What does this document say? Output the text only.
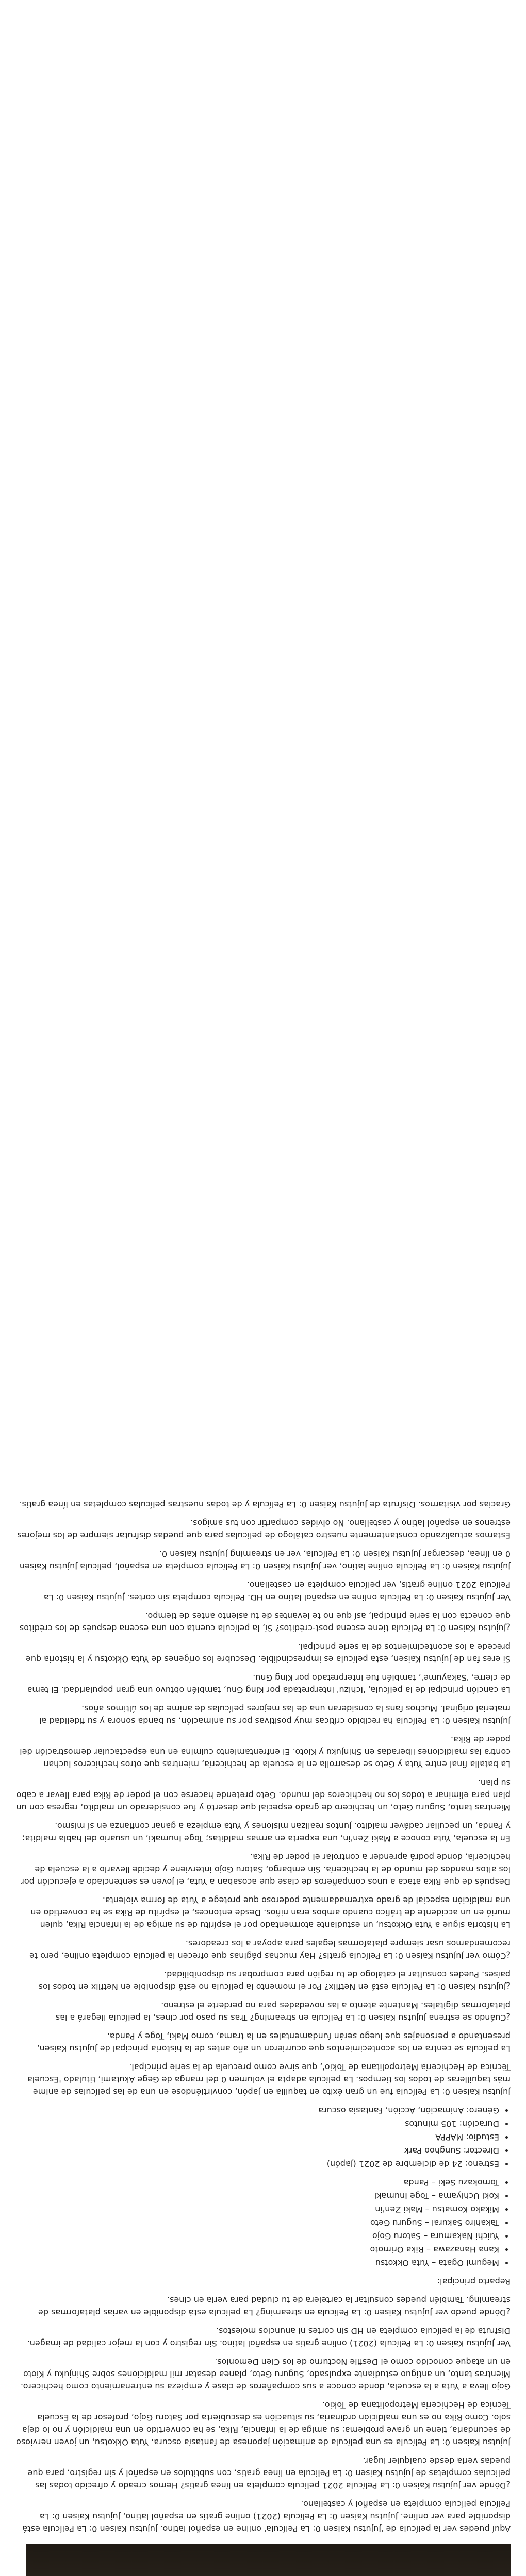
Aquí puedes ver la película de 'Jujutsu Kaisen 0: La Película' online en español latino. Jujutsu Kaisen 0: La Película está disponible para ver online. Jujutsu Kaisen 0: La Película (2021) online gratis en español latino, Jujutsu Kaisen 0: La Película película completa en español y castellano.

¿Dónde ver Jujutsu Kaisen 0: La Película 2021 película completa en línea gratis? Hemos creado y ofrecido todas las películas completas de Jujutsu Kaisen 0: La Película en línea gratis, con subtítulos en español y sin registro, para que puedas verla desde cualquier lugar.

Jujutsu Kaisen 0: La Película es una película de animación japonesa de fantasía oscura. Yuta Okkotsu, un joven nervioso de secundaria, tiene un grave problema: su amiga de la infancia, Rika, se ha convertido en una maldición y no lo deja solo. Como Rika no es una maldición ordinaria, su situación es descubierta por Satoru Gojo, profesor de la Escuela Técnica de Hechicería Metropolitana de Tokio.

Gojo lleva a Yuta a la escuela, donde conoce a sus compañeros de clase y empieza su entrenamiento como hechicero. Mientras tanto, un antiguo estudiante expulsado, Suguru Geto, planea desatar mil maldiciones sobre Shinjuku y Kioto en un ataque conocido como el Desfile Nocturno de los Cien Demonios.

Ver Jujutsu Kaisen 0: La Película (2021) online gratis en español latino. Sin registro y con la mejor calidad de imagen. Disfruta de la película completa en HD sin cortes ni anuncios molestos.

¿Dónde puedo ver Jujutsu Kaisen 0: La Película en streaming? La película está disponible en varias plataformas de streaming. También puedes consultar la cartelera de tu ciudad para verla en cines.

Reparto principal:

• Megumi Ogata – Yuta Okkotsu
• Kana Hanazawa – Rika Orimoto
• Yuichi Nakamura – Satoru Gojo
• Takahiro Sakurai – Suguru Geto
• Mikako Komatsu – Maki Zen'in
• Koki Uchiyama – Toge Inumaki
• Tomokazu Seki – Panda
• Estreno: 24 de diciembre de 2021 (Japón)
• Director: Sunghoo Park
• Estudio: MAPPA
• Duración: 105 minutos
• Género: Animación, Acción, Fantasía oscura

Jujutsu Kaisen 0: La Película fue un gran éxito en taquilla en Japón, convirtiéndose en una de las películas de anime más taquilleras de todos los tiempos. La película adapta el volumen 0 del manga de Gege Akutami, titulado 'Escuela Técnica de Hechicería Metropolitana de Tokio', que sirve como precuela de la serie principal.

La película se centra en los acontecimientos que ocurrieron un año antes de la historia principal de Jujutsu Kaisen, presentando a personajes que luego serán fundamentales en la trama, como Maki, Toge y Panda.

¿Cuándo se estrena Jujutsu Kaisen 0: La Película en streaming? Tras su paso por cines, la película llegará a las plataformas digitales. Mantente atento a las novedades para no perderte el estreno.

¿Jujutsu Kaisen 0: La Película está en Netflix? Por el momento la película no está disponible en Netflix en todos los países. Puedes consultar el catálogo de tu región para comprobar su disponibilidad.

¿Cómo ver Jujutsu Kaisen 0: La Película gratis? Hay muchas páginas que ofrecen la película completa online, pero te recomendamos usar siempre plataformas legales para apoyar a los creadores.

La historia sigue a Yuta Okkotsu, un estudiante atormentado por el espíritu de su amiga de la infancia Rika, quien murió en un accidente de tráfico cuando ambos eran niños. Desde entonces, el espíritu de Rika se ha convertido en una maldición especial de grado extremadamente poderoso que protege a Yuta de forma violenta.

Después de que Rika ataca a unos compañeros de clase que acosaban a Yuta, el joven es sentenciado a ejecución por los altos mandos del mundo de la hechicería. Sin embargo, Satoru Gojo interviene y decide llevarlo a la escuela de hechicería, donde podrá aprender a controlar el poder de Rika.

En la escuela, Yuta conoce a Maki Zen'in, una experta en armas malditas; Toge Inumaki, un usuario del habla maldita; y Panda, un peculiar cadáver maldito. Juntos realizan misiones y Yuta empieza a ganar confianza en sí mismo.

Mientras tanto, Suguru Geto, un hechicero de grado especial que desertó y fue considerado un maldito, regresa con un plan para eliminar a todos los no hechiceros del mundo. Geto pretende hacerse con el poder de Rika para llevar a cabo su plan.

La batalla final entre Yuta y Geto se desarrolla en la escuela de hechicería, mientras que otros hechiceros luchan contra las maldiciones liberadas en Shinjuku y Kioto. El enfrentamiento culmina en una espectacular demostración del poder de Rika.

Jujutsu Kaisen 0: La Película ha recibido críticas muy positivas por su animación, su banda sonora y su fidelidad al material original. Muchos fans la consideran una de las mejores películas de anime de los últimos años.

La canción principal de la película, 'Ichizu' interpretada por King Gnu, también obtuvo una gran popularidad. El tema de cierre, 'Sakayume', también fue interpretado por King Gnu.

Si eres fan de Jujutsu Kaisen, esta película es imprescindible. Descubre los orígenes de Yuta Okkotsu y la historia que precede a los acontecimientos de la serie principal.

¿Jujutsu Kaisen 0: La Película tiene escena post-créditos? Sí, la película cuenta con una escena después de los créditos que conecta con la serie principal, así que no te levantes de tu asiento antes de tiempo.

Ver Jujutsu Kaisen 0: La Película online en español latino en HD. Película completa sin cortes. Jujutsu Kaisen 0: La Película 2021 online gratis, ver película completa en castellano.

Jujutsu Kaisen 0: La Película online latino, ver Jujutsu Kaisen 0: La Película completa en español, película Jujutsu Kaisen 0 en línea, descargar Jujutsu Kaisen 0: La Película, ver en streaming Jujutsu Kaisen 0.

Estamos actualizando constantemente nuestro catálogo de películas para que puedas disfrutar siempre de los mejores estrenos en español latino y castellano. No olvides compartir con tus amigos.

Gracias por visitarnos. Disfruta de Jujutsu Kaisen 0: La Película y de todas nuestras películas completas en línea gratis.
